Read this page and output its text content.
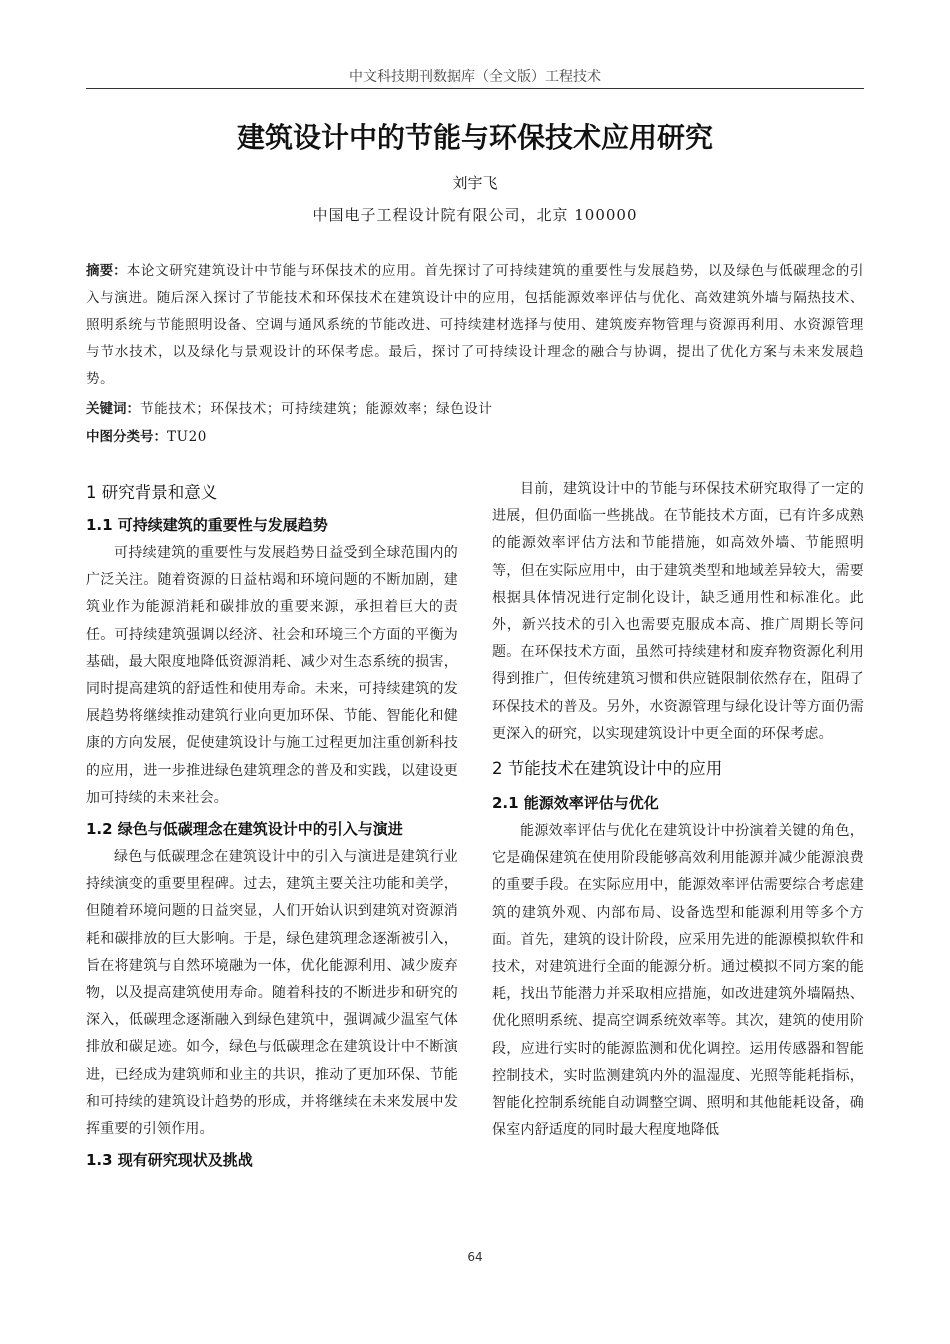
中文科技期刊数据库（全文版）工程技术
建筑设计中的节能与环保技术应用研究
刘宇飞
中国电子工程设计院有限公司，北京 100000
摘要：本论文研究建筑设计中节能与环保技术的应用。首先探讨了可持续建筑的重要性与发展趋势，以及绿色与低碳理念的引入与演进。随后深入探讨了节能技术和环保技术在建筑设计中的应用，包括能源效率评估与优化、高效建筑外墙与隔热技术、照明系统与节能照明设备、空调与通风系统的节能改进、可持续建材选择与使用、建筑废弃物管理与资源再利用、水资源管理与节水技术，以及绿化与景观设计的环保考虑。最后，探讨了可持续设计理念的融合与协调，提出了优化方案与未来发展趋势。
关键词：节能技术；环保技术；可持续建筑；能源效率；绿色设计
中图分类号：TU20
1 研究背景和意义
1.1 可持续建筑的重要性与发展趋势

可持续建筑的重要性与发展趋势日益受到全球范围内的广泛关注。随着资源的日益枯竭和环境问题的不断加剧，建筑业作为能源消耗和碳排放的重要来源，承担着巨大的责任。可持续建筑强调以经济、社会和环境三个方面的平衡为基础，最大限度地降低资源消耗、减少对生态系统的损害，同时提高建筑的舒适性和使用寿命。未来，可持续建筑的发展趋势将继续推动建筑行业向更加环保、节能、智能化和健康的方向发展，促使建筑设计与施工过程更加注重创新科技的应用，进一步推进绿色建筑理念的普及和实践，以建设更加可持续的未来社会。

1.2 绿色与低碳理念在建筑设计中的引入与演进

绿色与低碳理念在建筑设计中的引入与演进是建筑行业持续演变的重要里程碑。过去，建筑主要关注功能和美学，但随着环境问题的日益突显，人们开始认识到建筑对资源消耗和碳排放的巨大影响。于是，绿色建筑理念逐渐被引入，旨在将建筑与自然环境融为一体，优化能源利用、减少废弃物，以及提高建筑使用寿命。随着科技的不断进步和研究的深入，低碳理念逐渐融入到绿色建筑中，强调减少温室气体排放和碳足迹。如今，绿色与低碳理念在建筑设计中不断演进，已经成为建筑师和业主的共识，推动了更加环保、节能和可持续的建筑设计趋势的形成，并将继续在未来发展中发挥重要的引领作用。

1.3 现有研究现状及挑战

目前，建筑设计中的节能与环保技术研究取得了一定的进展，但仍面临一些挑战。在节能技术方面，已有许多成熟的能源效率评估方法和节能措施，如高效外墙、节能照明等，但在实际应用中，由于建筑类型和地域差异较大，需要根据具体情况进行定制化设计，缺乏通用性和标准化。此外，新兴技术的引入也需要克服成本高、推广周期长等问题。在环保技术方面，虽然可持续建材和废弃物资源化利用得到推广，但传统建筑习惯和供应链限制依然存在，阻碍了环保技术的普及。另外，水资源管理与绿化设计等方面仍需更深入的研究，以实现建筑设计中更全面的环保考虑。

2 节能技术在建筑设计中的应用
2.1 能源效率评估与优化

能源效率评估与优化在建筑设计中扮演着关键的角色，它是确保建筑在使用阶段能够高效利用能源并减少能源浪费的重要手段。在实际应用中，能源效率评估需要综合考虑建筑的建筑外观、内部布局、设备选型和能源利用等多个方面。首先，建筑的设计阶段，应采用先进的能源模拟软件和技术，对建筑进行全面的能源分析。通过模拟不同方案的能耗，找出节能潜力并采取相应措施，如改进建筑外墙隔热、优化照明系统、提高空调系统效率等。其次，建筑的使用阶段，应进行实时的能源监测和优化调控。运用传感器和智能控制技术，实时监测建筑内外的温湿度、光照等能耗指标，智能化控制系统能自动调整空调、照明和其他能耗设备，确保室内舒适度的同时最大程度地降低

64
